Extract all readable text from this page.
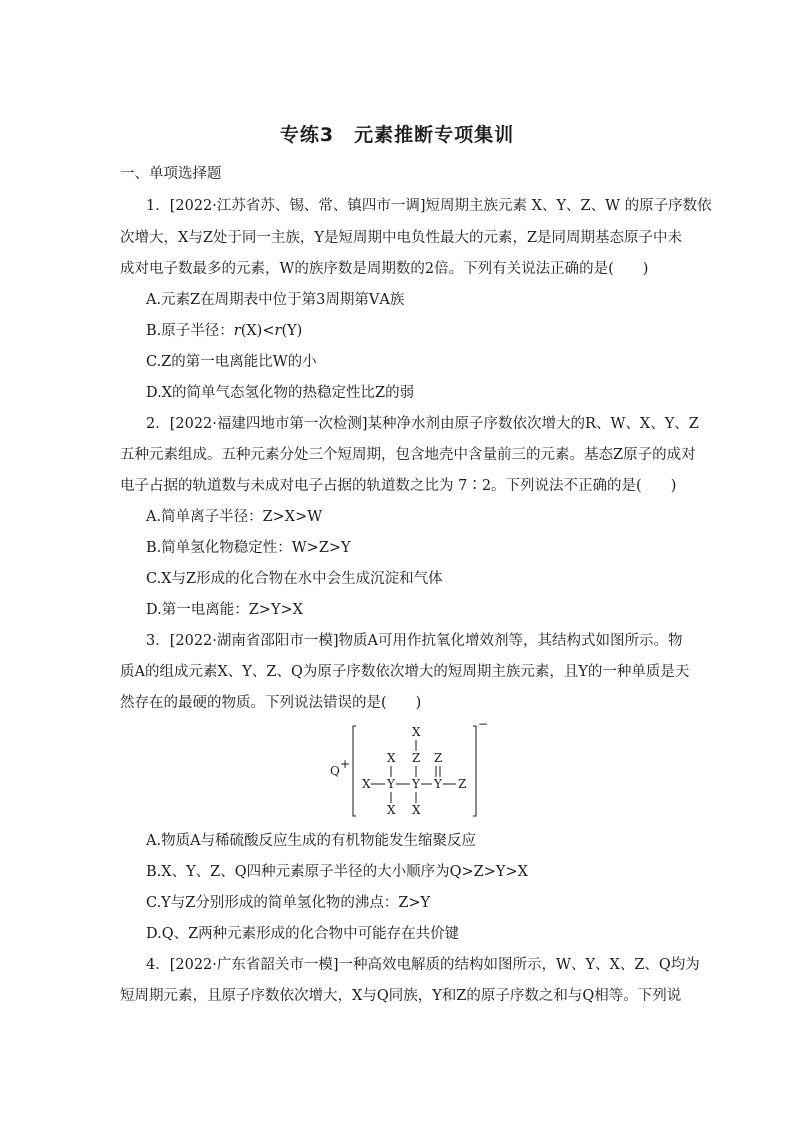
专练3　元素推断专项集训
一、单项选择题
1．[2022·江苏省苏、锡、常、镇四市一调]短周期主族元素 X、Y、Z、W 的原子序数依
次增大，X与Z处于同一主族，Y是短周期中电负性最大的元素，Z是同周期基态原子中未
成对电子数最多的元素，W的族序数是周期数的2倍。下列有关说法正确的是(　　)
A.元素Z在周期表中位于第3周期第ⅤA族
B.原子半径：r(X)<r(Y)
C.Z的第一电离能比W的小
D.X的简单气态氢化物的热稳定性比Z的弱
2．[2022·福建四地市第一次检测]某种净水剂由原子序数依次增大的R、W、X、Y、Z
五种元素组成。五种元素分处三个短周期，包含地壳中含量前三的元素。基态Z原子的成对
电子占据的轨道数与未成对电子占据的轨道数之比为 7∶2。下列说法不正确的是(　　)
A.简单离子半径：Z>X>W
B.简单氢化物稳定性：W>Z>Y
C.X与Z形成的化合物在水中会生成沉淀和气体
D.第一电离能：Z>Y>X
3．[2022·湖南省邵阳市一模]物质A可用作抗氧化增效剂等，其结构式如图所示。物
质A的组成元素X、Y、Z、Q为原子序数依次增大的短周期主族元素，且Y的一种单质是天
然存在的最硬的物质。下列说法错误的是(　　)
Q +
−
X
X Z Z
X Y Y Y Z
X X
A.物质A与稀硫酸反应生成的有机物能发生缩聚反应
B.X、Y、Z、Q四种元素原子半径的大小顺序为Q>Z>Y>X
C.Y与Z分别形成的简单氢化物的沸点：Z>Y
D.Q、Z两种元素形成的化合物中可能存在共价键
4．[2022·广东省韶关市一模]一种高效电解质的结构如图所示，W、Y、X、Z、Q均为
短周期元素，且原子序数依次增大，X与Q同族，Y和Z的原子序数之和与Q相等。下列说
